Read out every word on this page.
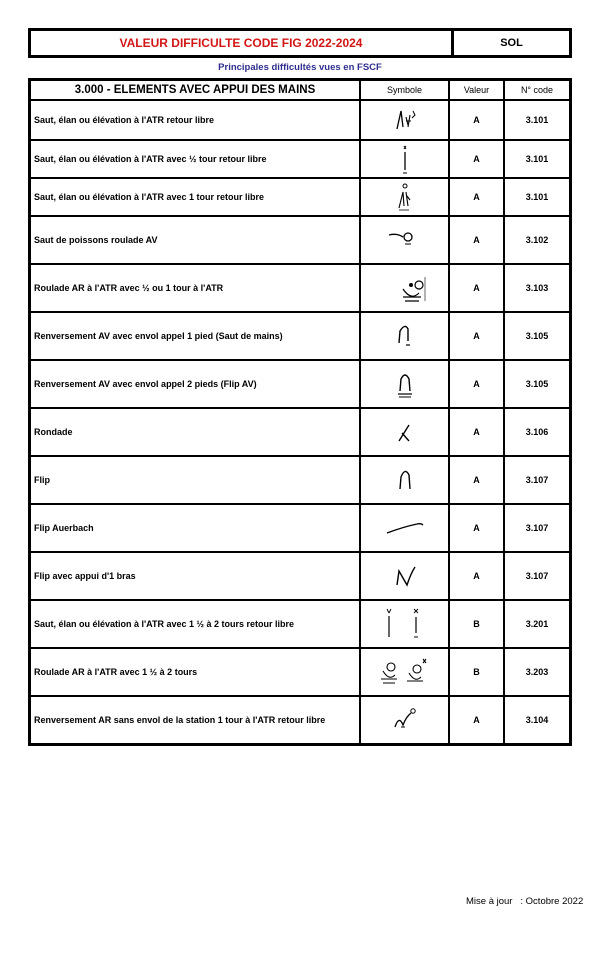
VALEUR DIFFICULTE CODE FIG 2022-2024	SOL
Principales difficultés vues en FSCF
3.000 - ELEMENTS AVEC APPUI DES MAINS	Symbole	Valeur	N° code
Saut, élan ou élévation à l'ATR retour libre	A	3.101
Saut, élan ou élévation à l'ATR avec ½ tour retour libre	A	3.101
Saut, élan ou élévation à l'ATR avec 1 tour retour libre	A	3.101
Saut de poissons roulade AV	A	3.102
Roulade AR à l'ATR avec ½ ou 1 tour à l'ATR	A	3.103
Renversement AV avec envol appel 1 pied (Saut de mains)	A	3.105
Renversement AV avec envol appel 2 pieds (Flip AV)	A	3.105
Rondade	A	3.106
Flip	A	3.107
Flip Auerbach	A	3.107
Flip avec appui d'1 bras	A	3.107
Saut, élan ou élévation à l'ATR avec 1 ½ à 2 tours retour libre	B	3.201
Roulade AR à l'ATR avec 1 ½ à 2 tours	B	3.203
Renversement AR sans envol de la station 1 tour à l'ATR retour libre	A	3.104
Mise à jour : Octobre 2022
